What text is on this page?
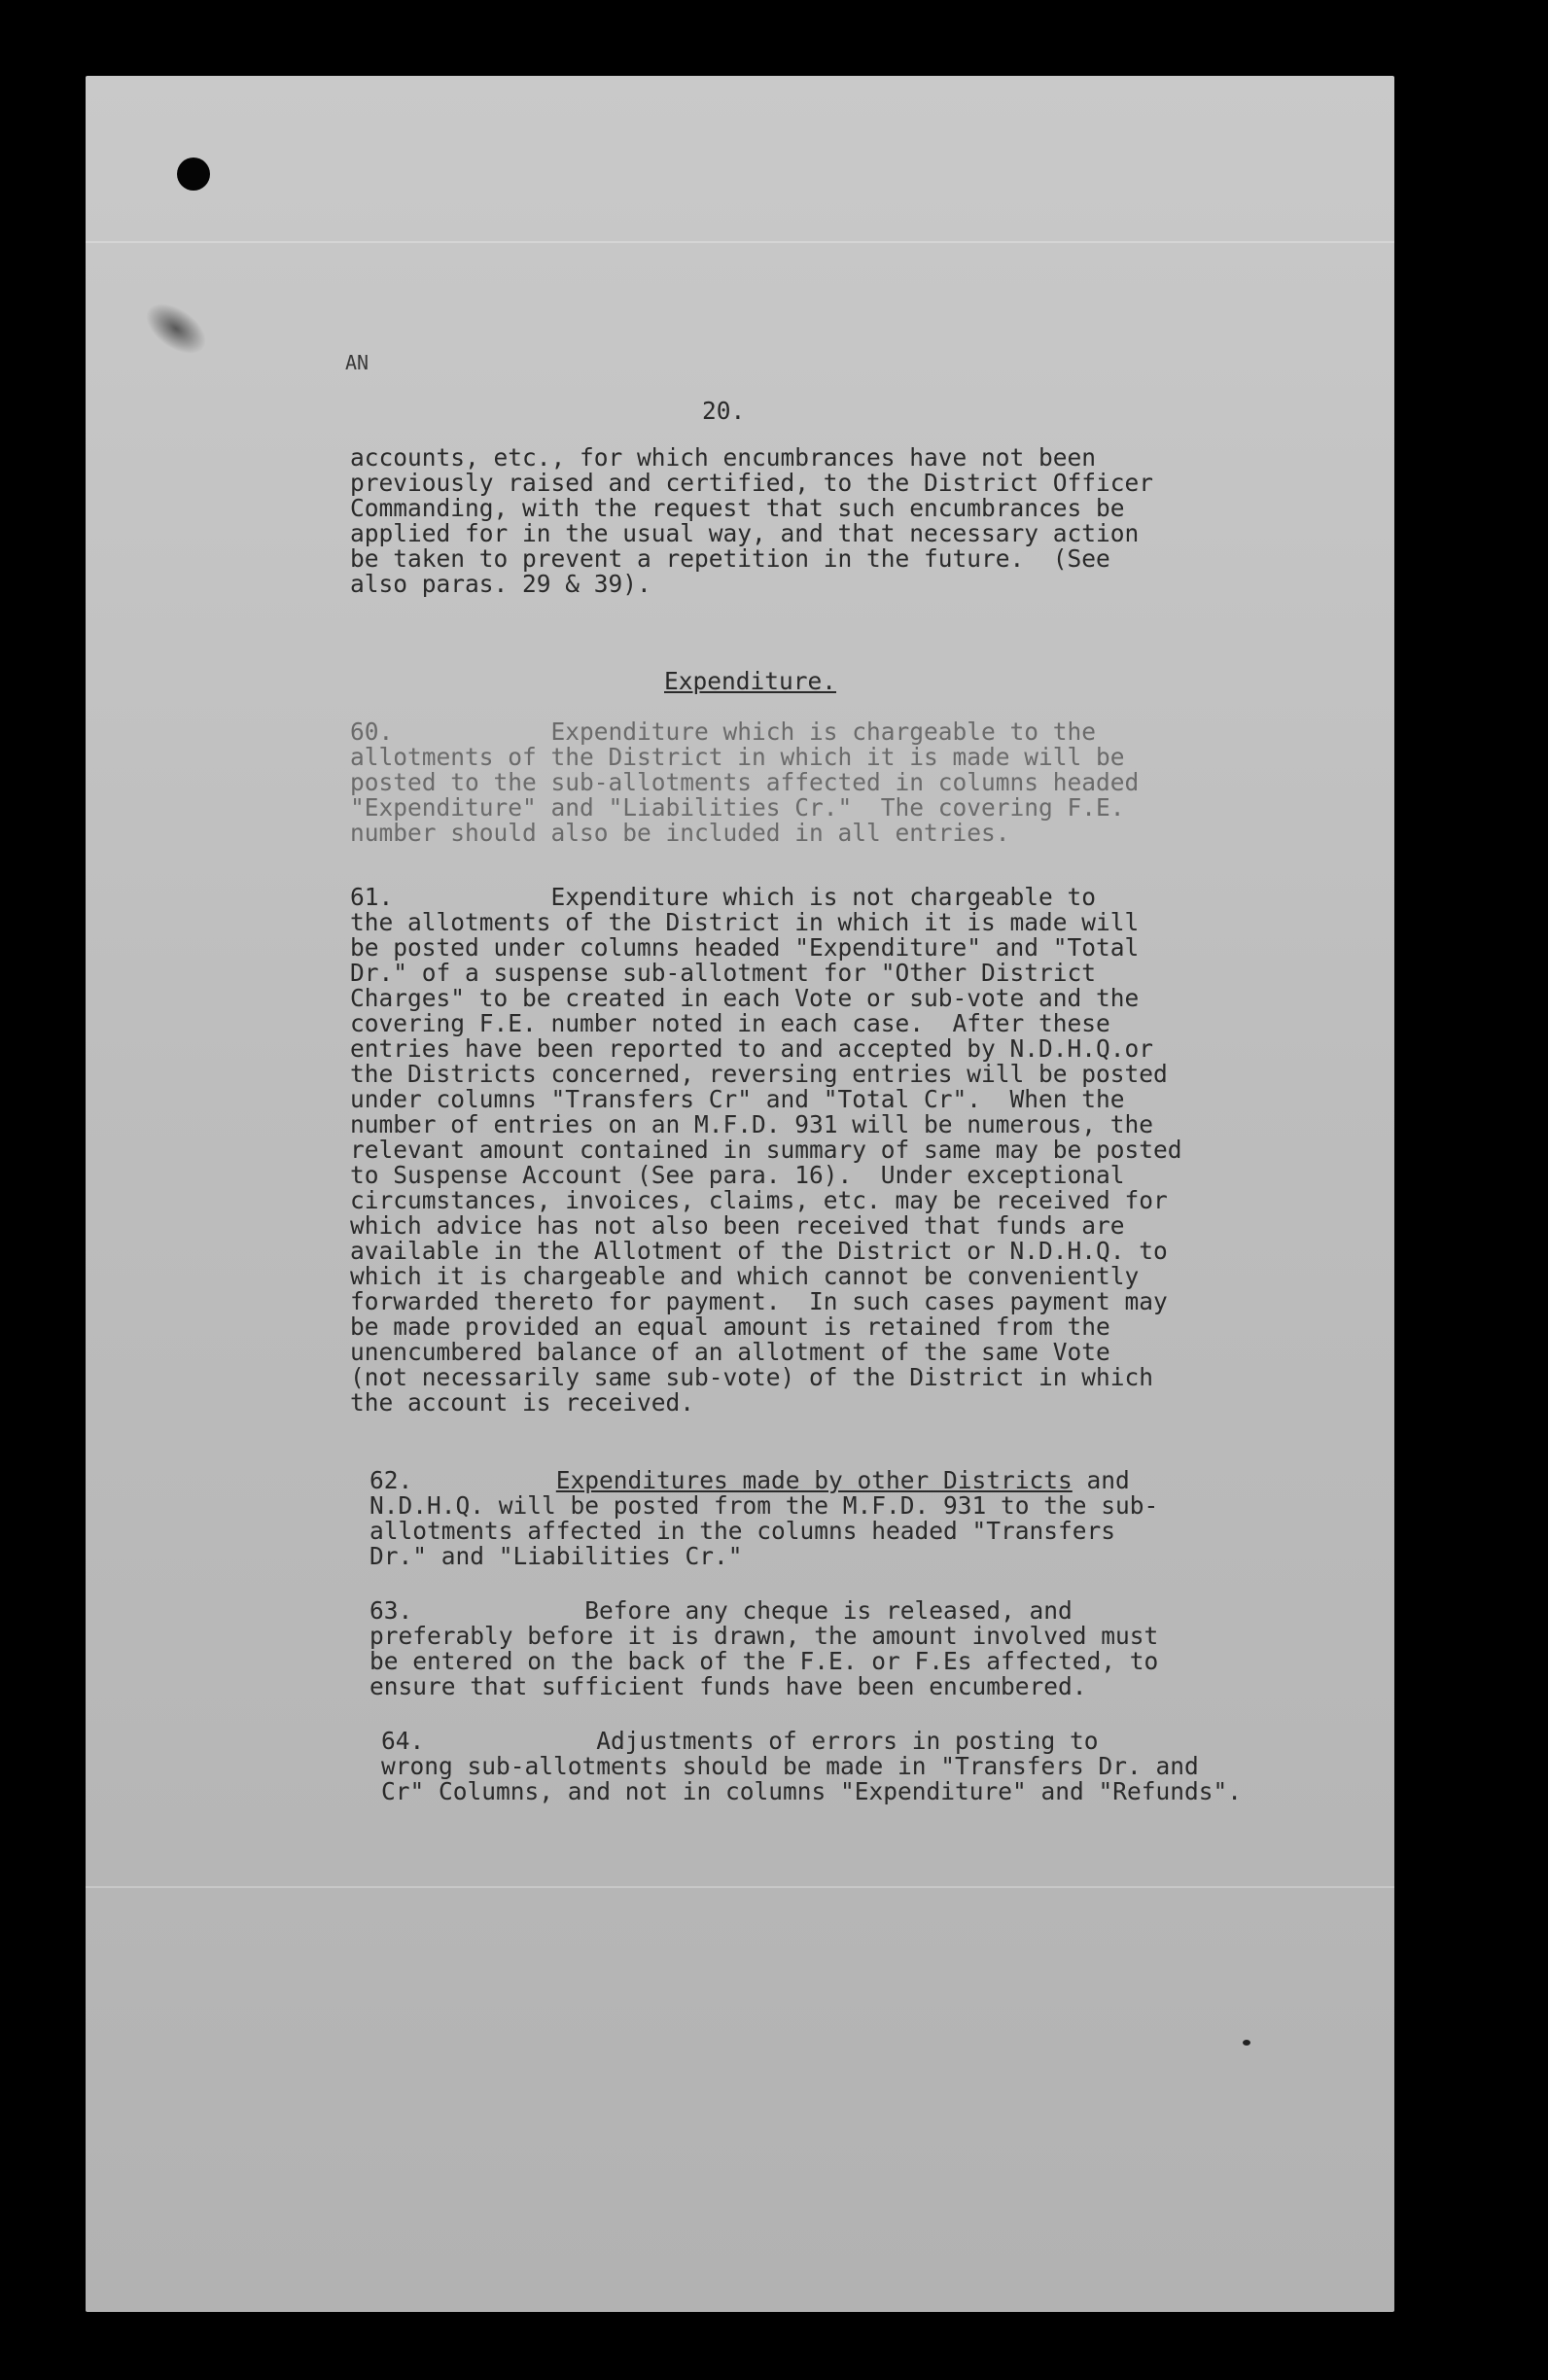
AN
20.
accounts, etc., for which encumbrances have not been
previously raised and certified, to the District Officer
Commanding, with the request that such encumbrances be
applied for in the usual way, and that necessary action
be taken to prevent a repetition in the future.  (See
also paras. 29 & 39).
Expenditure.
60.	Expenditure which is chargeable to the
allotments of the District in which it is made will be
posted to the sub-allotments affected in columns headed
"Expenditure" and "Liabilities Cr."  The covering F.E.
number should also be included in all entries.
61.	Expenditure which is not chargeable to
the allotments of the District in which it is made will
be posted under columns headed "Expenditure" and "Total
Dr." of a suspense sub-allotment for "Other District
Charges" to be created in each Vote or sub-vote and the
covering F.E. number noted in each case.  After these
entries have been reported to and accepted by N.D.H.Q.or
the Districts concerned, reversing entries will be posted
under columns "Transfers Cr" and "Total Cr".  When the
number of entries on an M.F.D. 931 will be numerous, the
relevant amount contained in summary of same may be posted
to Suspense Account (See para. 16).  Under exceptional
circumstances, invoices, claims, etc. may be received for
which advice has not also been received that funds are
available in the Allotment of the District or N.D.H.Q. to
which it is chargeable and which cannot be conveniently
forwarded thereto for payment.  In such cases payment may
be made provided an equal amount is retained from the
unencumbered balance of an allotment of the same Vote
(not necessarily same sub-vote) of the District in which
the account is received.
62.	Expenditures made by other Districts and
N.D.H.Q. will be posted from the M.F.D. 931 to the sub-
allotments affected in the columns headed "Transfers
Dr." and "Liabilities Cr."
63.	Before any cheque is released, and
preferably before it is drawn, the amount involved must
be entered on the back of the F.E. or F.Es affected, to
ensure that sufficient funds have been encumbered.
64.	Adjustments of errors in posting to
wrong sub-allotments should be made in "Transfers Dr. and
Cr" Columns, and not in columns "Expenditure" and "Refunds".
